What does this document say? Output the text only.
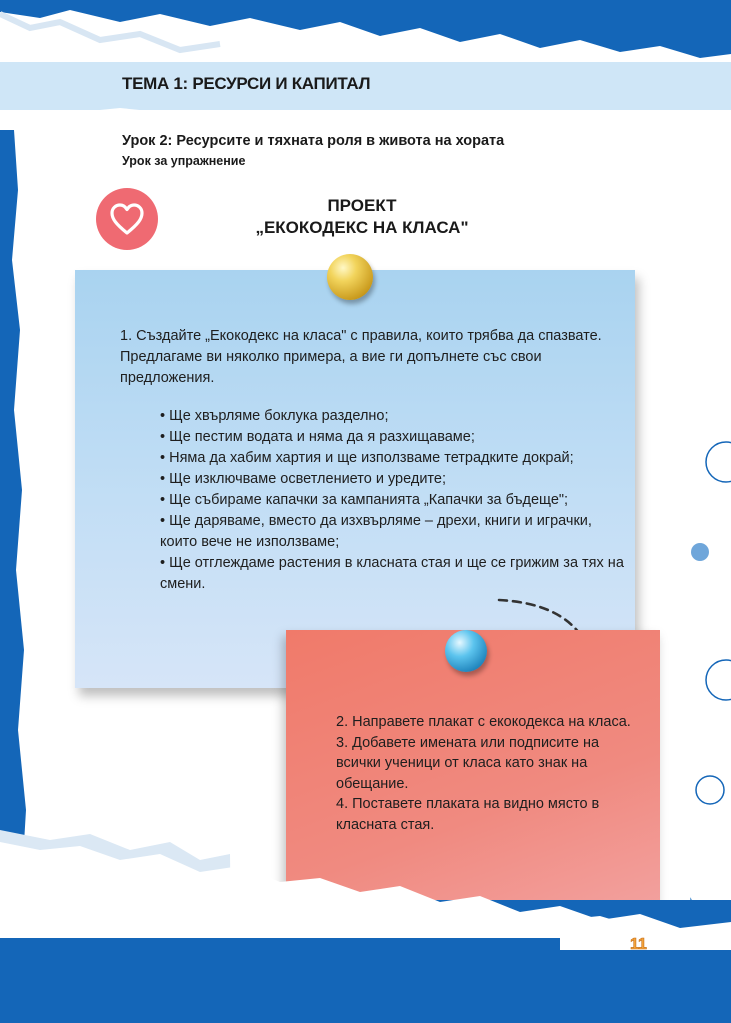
ТЕМА 1: РЕСУРСИ И КАПИТАЛ
Урок 2: Ресурсите и тяхната роля в живота на хората
Урок за упражнение
ПРОЕКТ
„ЕКОКОДЕКС НА КЛАСА"
1. Създайте „Екокодекс на класа" с правила, които трябва да спазвате. Предлагаме ви няколко примера, а вие ги допълнете със свои предложения.
• Ще хвърляме боклука разделно;
• Ще пестим водата и няма да я разхищаваме;
• Няма да хабим хартия и ще използваме тетрадките докрай;
• Ще изключваме осветлението и уредите;
• Ще събираме капачки за кампанията „Капачки за бъдеще";
• Ще даряваме, вместо да изхвърляме – дрехи, книги и играчки, които вече не използваме;
• Ще отглеждаме растения в класната стая и ще се грижим за тях на смени.
2. Направете плакат с екокодекса на класа.
3. Добавете имената или подписите на всички ученици от класа като знак на обещание.
4. Поставете плаката на видно място в класната стая.
11
